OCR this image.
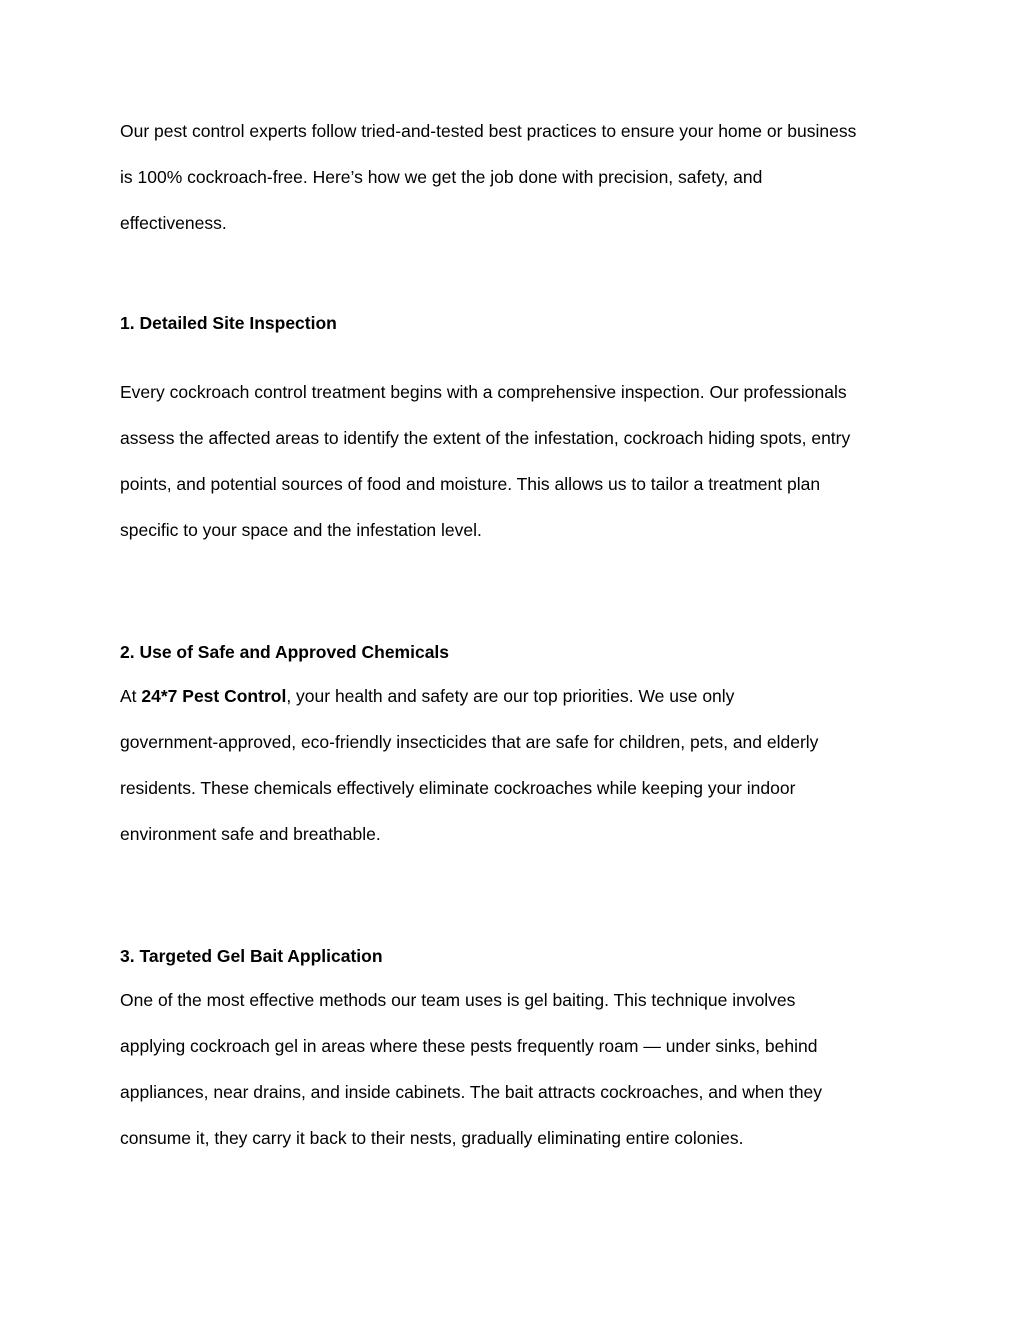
Our pest control experts follow tried-and-tested best practices to ensure your home or business
is 100% cockroach-free. Here’s how we get the job done with precision, safety, and
effectiveness.
1. Detailed Site Inspection
Every cockroach control treatment begins with a comprehensive inspection. Our professionals
assess the affected areas to identify the extent of the infestation, cockroach hiding spots, entry
points, and potential sources of food and moisture. This allows us to tailor a treatment plan
specific to your space and the infestation level.
2. Use of Safe and Approved Chemicals
At 24*7 Pest Control, your health and safety are our top priorities. We use only
government-approved, eco-friendly insecticides that are safe for children, pets, and elderly
residents. These chemicals effectively eliminate cockroaches while keeping your indoor
environment safe and breathable.
3. Targeted Gel Bait Application
One of the most effective methods our team uses is gel baiting. This technique involves
applying cockroach gel in areas where these pests frequently roam — under sinks, behind
appliances, near drains, and inside cabinets. The bait attracts cockroaches, and when they
consume it, they carry it back to their nests, gradually eliminating entire colonies.
